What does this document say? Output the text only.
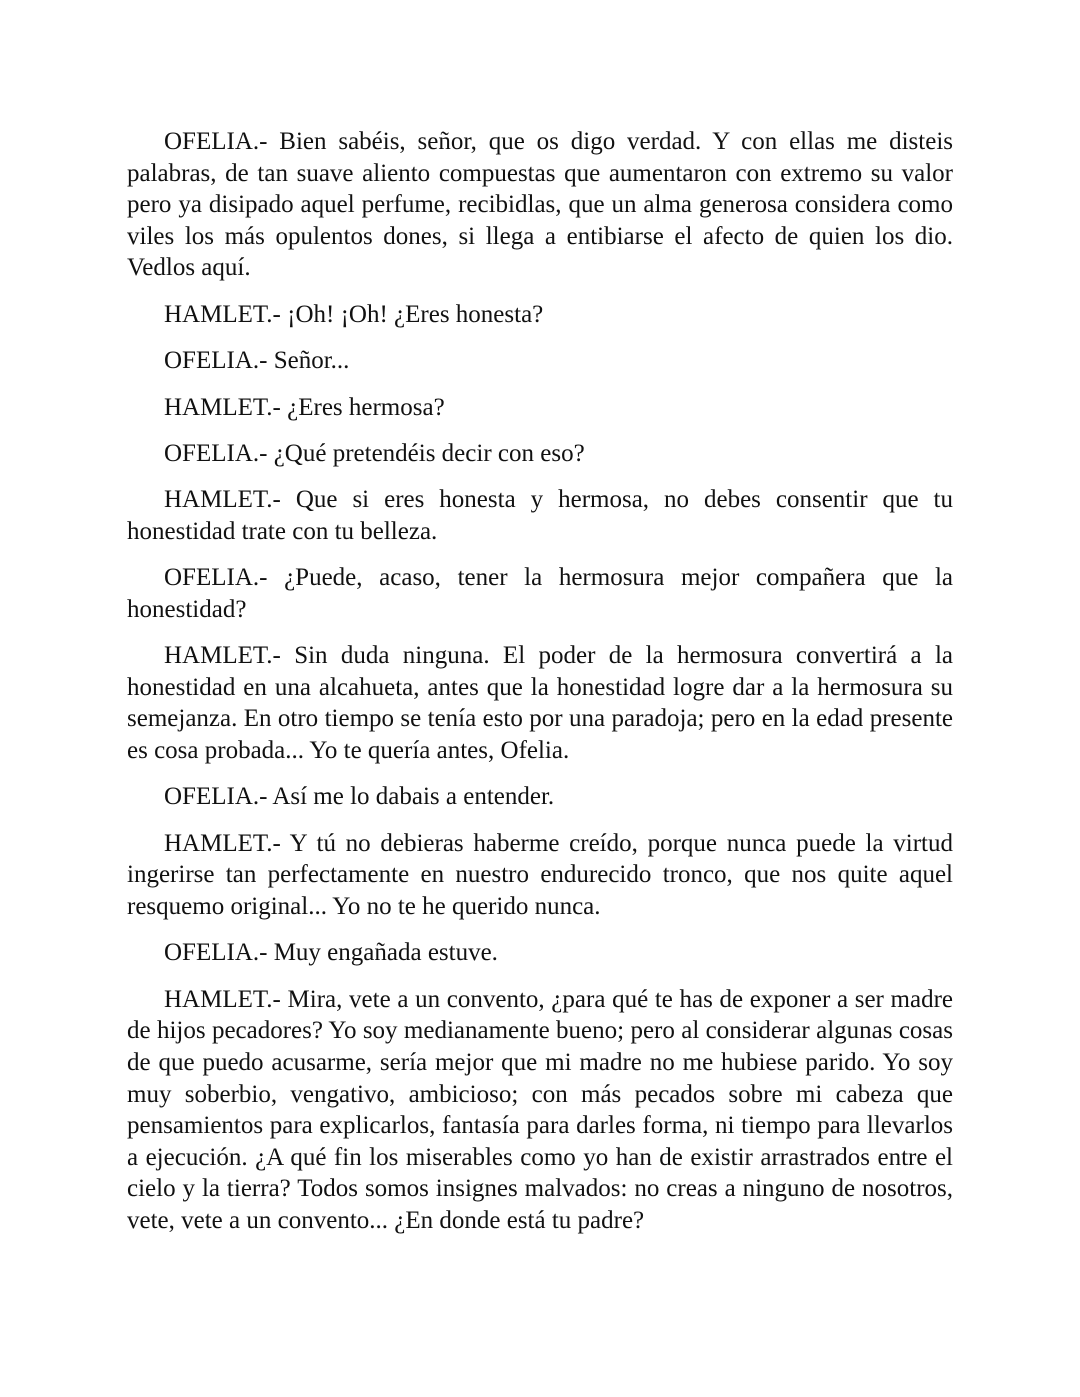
OFELIA.- Bien sabéis, señor, que os digo verdad. Y con ellas me disteis palabras, de tan suave aliento compuestas que aumentaron con extremo su valor pero ya disipado aquel perfume, recibidlas, que un alma generosa considera como viles los más opulentos dones, si llega a entibiarse el afecto de quien los dio. Vedlos aquí.

HAMLET.- ¡Oh! ¡Oh! ¿Eres honesta?

OFELIA.- Señor...

HAMLET.- ¿Eres hermosa?

OFELIA.- ¿Qué pretendéis decir con eso?

HAMLET.- Que si eres honesta y hermosa, no debes consentir que tu honestidad trate con tu belleza.

OFELIA.- ¿Puede, acaso, tener la hermosura mejor compañera que la honestidad?

HAMLET.- Sin duda ninguna. El poder de la hermosura convertirá a la honestidad en una alcahueta, antes que la honestidad logre dar a la hermosura su semejanza. En otro tiempo se tenía esto por una paradoja; pero en la edad presente es cosa probada... Yo te quería antes, Ofelia.

OFELIA.- Así me lo dabais a entender.

HAMLET.- Y tú no debieras haberme creído, porque nunca puede la virtud ingerirse tan perfectamente en nuestro endurecido tronco, que nos quite aquel resquemo original... Yo no te he querido nunca.

OFELIA.- Muy engañada estuve.

HAMLET.- Mira, vete a un convento, ¿para qué te has de exponer a ser madre de hijos pecadores? Yo soy medianamente bueno; pero al considerar algunas cosas de que puedo acusarme, sería mejor que mi madre no me hubiese parido. Yo soy muy soberbio, vengativo, ambicioso; con más pecados sobre mi cabeza que pensamientos para explicarlos, fantasía para darles forma, ni tiempo para llevarlos a ejecución. ¿A qué fin los miserables como yo han de existir arrastrados entre el cielo y la tierra? Todos somos insignes malvados: no creas a ninguno de nosotros, vete, vete a un convento... ¿En donde está tu padre?
